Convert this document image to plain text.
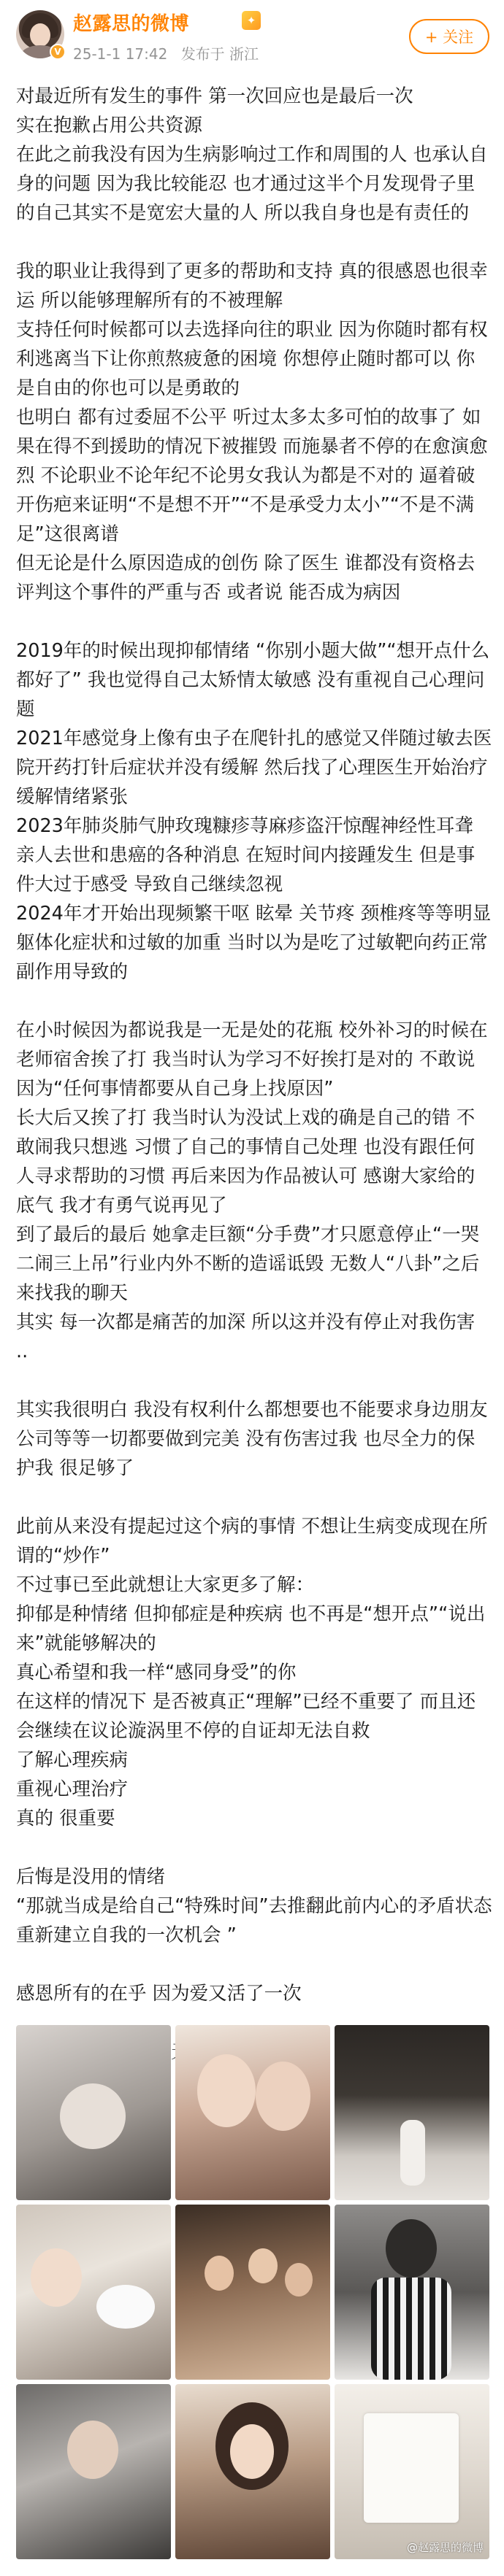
V
赵露思的微博	✦
25-1-1 17:42 发布于 浙江
+ 关注
对最近所有发生的事件 第一次回应也是最后一次
实在抱歉占用公共资源
在此之前我没有因为生病影响过工作和周围的人 也承认自身的问题 因为我比较能忍 也才通过这半个月发现骨子里的自己其实不是宽宏大量的人 所以我自身也是有责任的
我的职业让我得到了更多的帮助和支持 真的很感恩也很幸运 所以能够理解所有的不被理解
支持任何时候都可以去选择向往的职业 因为你随时都有权利逃离当下让你煎熬疲惫的困境 你想停止随时都可以 你是自由的你也可以是勇敢的
也明白 都有过委屈不公平 听过太多太多可怕的故事了 如果在得不到援助的情况下被摧毁 而施暴者不停的在愈演愈烈 不论职业不论年纪不论男女我认为都是不对的 逼着破开伤疤来证明“不是想不开”“不是承受力太小”“不是不满足”这很离谱
但无论是什么原因造成的创伤 除了医生 谁都没有资格去评判这个事件的严重与否 或者说 能否成为病因
2019年的时候出现抑郁情绪 “你别小题大做”“想开点什么都好了” 我也觉得自己太矫情太敏感 没有重视自己心理问题
2021年感觉身上像有虫子在爬针扎的感觉又伴随过敏去医院开药打针后症状并没有缓解 然后找了心理医生开始治疗缓解情绪紧张
2023年肺炎肺气肿玫瑰糠疹荨麻疹盗汗惊醒神经性耳聋 亲人去世和患癌的各种消息 在短时间内接踵发生 但是事件大过于感受 导致自己继续忽视
2024年才开始出现频繁干呕 眩晕 关节疼 颈椎疼等等明显躯体化症状和过敏的加重 当时以为是吃了过敏靶向药正常副作用导致的
在小时候因为都说我是一无是处的花瓶 校外补习的时候在老师宿舍挨了打 我当时认为学习不好挨打是对的 不敢说 因为“任何事情都要从自己身上找原因”
长大后又挨了打 我当时认为没试上戏的确是自己的错 不敢闹我只想逃 习惯了自己的事情自己处理 也没有跟任何人寻求帮助的习惯 再后来因为作品被认可 感谢大家给的底气 我才有勇气说再见了
到了最后的最后 她拿走巨额“分手费”才只愿意停止“一哭二闹三上吊”行业内外不断的造谣诋毁 无数人“八卦”之后来找我的聊天
其实 每一次都是痛苦的加深 所以这并没有停止对我伤害 ..
其实我很明白 我没有权利什么都想要也不能要求身边朋友公司等等一切都要做到完美 没有伤害过我 也尽全力的保护我 很足够了
此前从来没有提起过这个病的事情 不想让生病变成现在所谓的“炒作”
不过事已至此就想让大家更多了解：
抑郁是种情绪 但抑郁症是种疾病 也不再是“想开点”“说出来”就能够解决的
真心希望和我一样“感同身受”的你
在这样的情况下 是否被真正“理解”已经不重要了 而且还会继续在议论漩涡里不停的自证却无法自救
了解心理疾病
重视心理治疗
真的 很重要
后悔是没用的情绪
“那就当成是给自己“特殊时间”去推翻此前内心的矛盾状态 重新建立自我的一次机会 ”
感恩所有的在乎 因为爱又活了一次
@赵露思的微博
